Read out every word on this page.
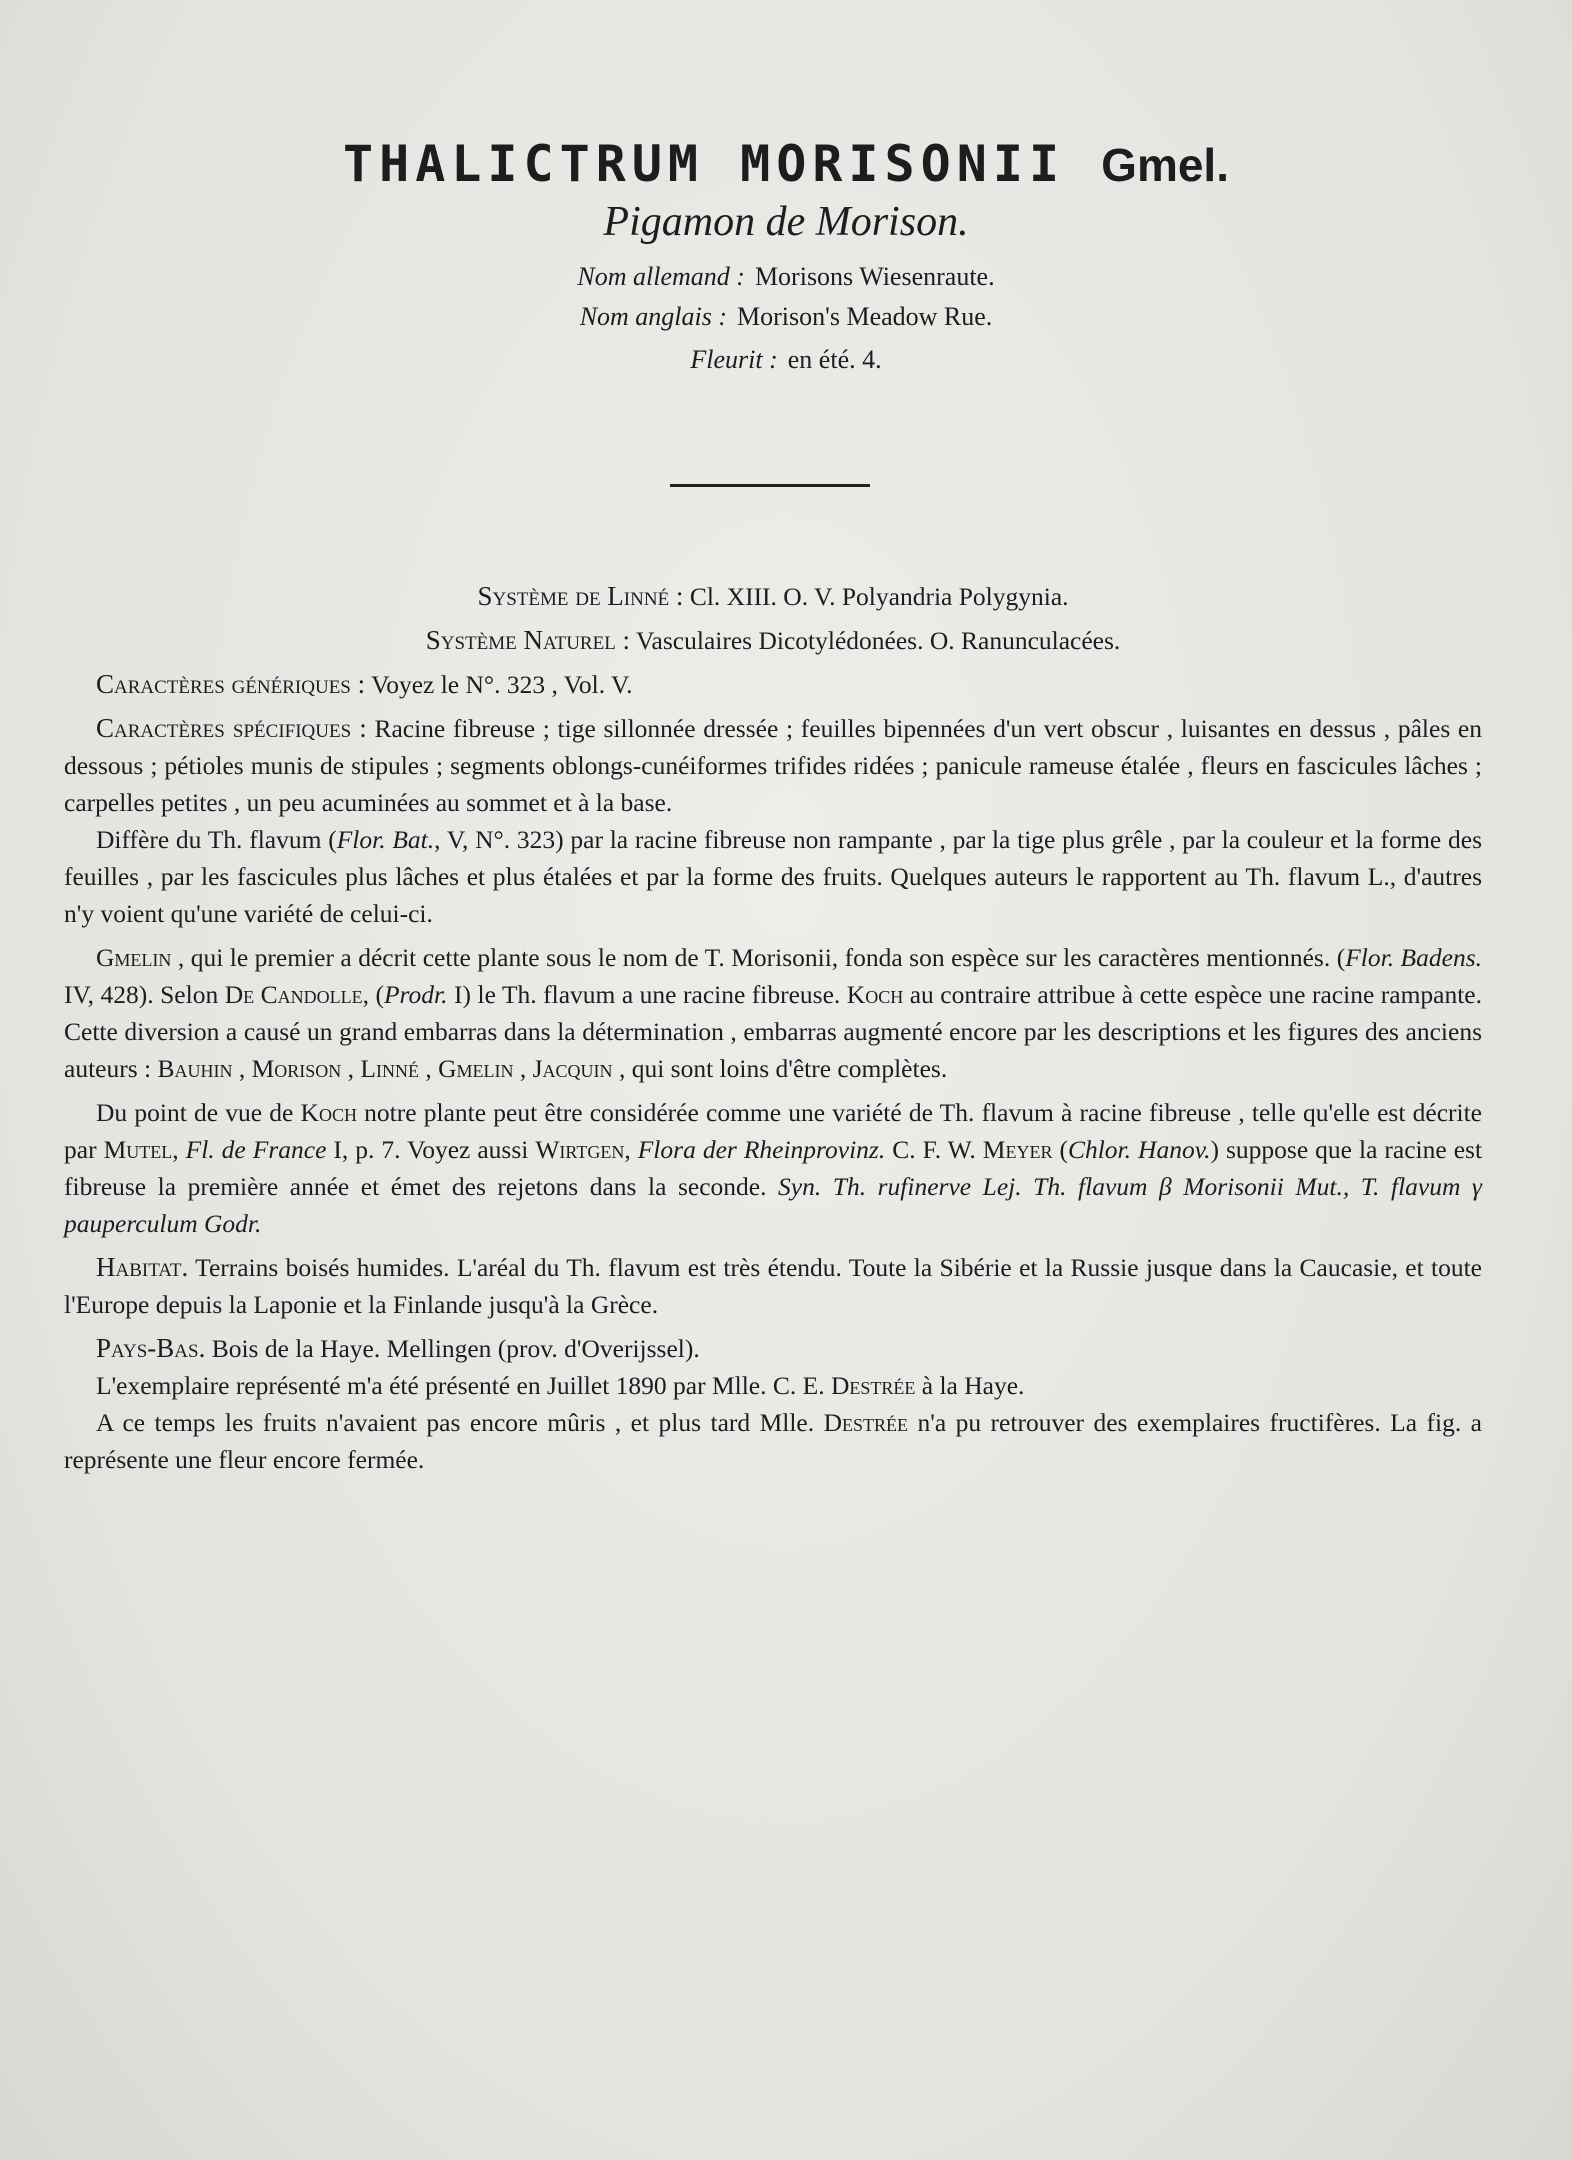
THALICTRUM MORISONII Gmel.
Pigamon de Morison.
Nom allemand : Morisons Wiesenraute.
Nom anglais : Morison's Meadow Rue.
Fleurit : en été. 4.

Système de Linné : Cl. XIII. O. V. Polyandria Polygynia.

Système Naturel : Vasculaires Dicotylédonées. O. Ranunculacées.

Caractères génériques : Voyez le N°. 323 , Vol. V.

Caractères spécifiques : Racine fibreuse ; tige sillonnée dressée ; feuilles bipennées d'un vert obscur , luisantes en dessus , pâles en dessous ; pétioles munis de stipules ; segments oblongs-cunéiformes trifides ridées ; panicule rameuse étalée , fleurs en fascicules lâches ; carpelles petites , un peu acuminées au sommet et à la base.

Diffère du Th. flavum (Flor. Bat., V, N°. 323) par la racine fibreuse non rampante , par la tige plus grêle , par la couleur et la forme des feuilles , par les fascicules plus lâches et plus étalées et par la forme des fruits. Quelques auteurs le rapportent au Th. flavum L., d'autres n'y voient qu'une variété de celui-ci.

Gmelin , qui le premier a décrit cette plante sous le nom de T. Morisonii, fonda son espèce sur les caractères mentionnés. (Flor. Badens. IV, 428). Selon De Candolle, (Prodr. I) le Th. flavum a une racine fibreuse. Koch au contraire attribue à cette espèce une racine rampante. Cette diversion a causé un grand embarras dans la détermination , embarras augmenté encore par les descriptions et les figures des anciens auteurs : Bauhin , Morison , Linné , Gmelin , Jacquin , qui sont loins d'être complètes.

Du point de vue de Koch notre plante peut être considérée comme une variété de Th. flavum à racine fibreuse , telle qu'elle est décrite par Mutel, Fl. de France I, p. 7. Voyez aussi Wirtgen, Flora der Rheinprovinz. C. F. W. Meyer (Chlor. Hanov.) suppose que la racine est fibreuse la première année et émet des rejetons dans la seconde. Syn. Th. rufinerve Lej. Th. flavum β Morisonii Mut., T. flavum γ pauperculum Godr.

Habitat. Terrains boisés humides. L'aréal du Th. flavum est très étendu. Toute la Sibérie et la Russie jusque dans la Caucasie, et toute l'Europe depuis la Laponie et la Finlande jusqu'à la Grèce.

Pays-Bas. Bois de la Haye. Mellingen (prov. d'Overijssel).

L'exemplaire représenté m'a été présenté en Juillet 1890 par Mlle. C. E. Destrée à la Haye.

A ce temps les fruits n'avaient pas encore mûris , et plus tard Mlle. Destrée n'a pu retrouver des exemplaires fructifères. La fig. a représente une fleur encore fermée.
